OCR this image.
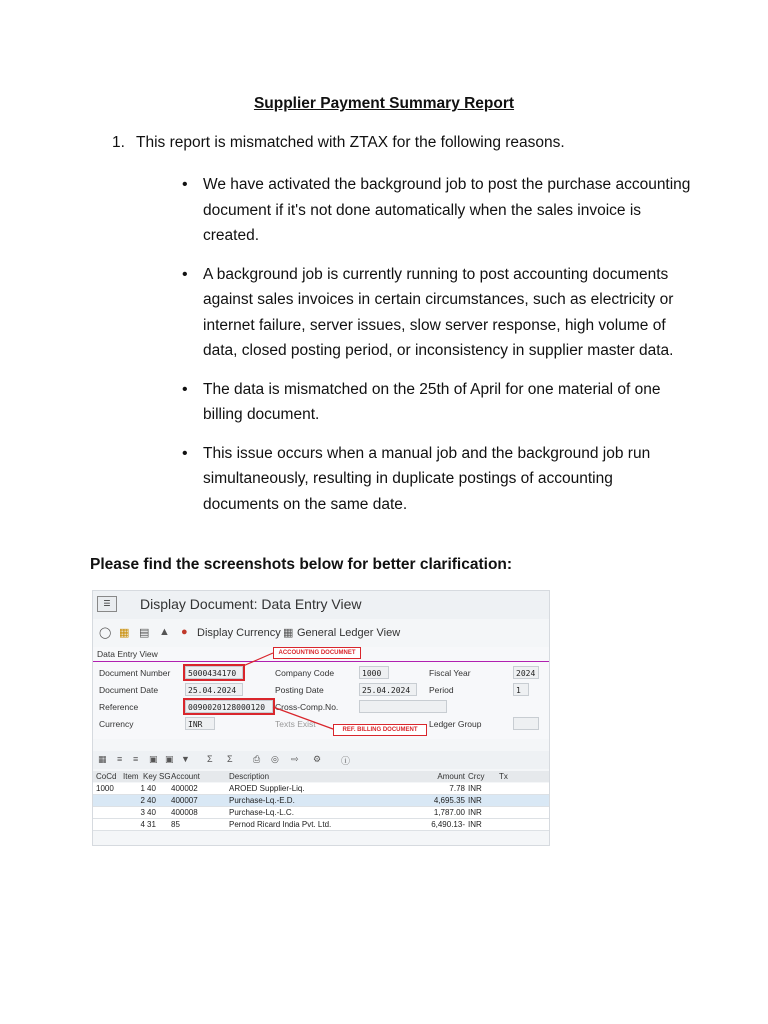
Supplier Payment Summary Report
1. This report is mismatched with ZTAX for the following reasons.
• We have activated the background job to post the purchase accounting document if it's not done automatically when the sales invoice is created.
• A background job is currently running to post accounting documents against sales invoices in certain circumstances, such as electricity or internet failure, server issues, slow server response, high volume of data, closed posting period, or inconsistency in supplier master data.
• The data is mismatched on the 25th of April for one material of one billing document.
• This issue occurs when a manual job and the background job run simultaneously, resulting in duplicate postings of accounting documents on the same date.
Please find the screenshots below for better clarification:
☰	Display Document: Data Entry View
◯ ▦ ▤ ▲ ● Display Currency ▦ General Ledger View
Data Entry View
Document Number	5000434170	Company Code	1000	Fiscal Year	2024
ACCOUNTING DOCUMNET
Document Date	25.04.2024	Posting Date	25.04.2024	Period	1
Reference	0090020128000120	Cross-Comp.No.
Currency	INR	Texts Exist	Ledger Group
REF. BILLING DOCUMENT
▦ ≡ ≡ ▣ ▣ ▼ Σ Σ ⎙ ◎ ⇨ ⚙ ⓘ
CoCd Item Key SG Account	Description	Amount Crcy Tx
1000	1 40 400002	AROED Supplier-Liq.	7.78 INR
2 40 400007	Purchase-Lq.-E.D.	4,695.35 INR
3 40 400008	Purchase-Lq.-L.C.	1,787.00 INR
4 31 85	Pernod Ricard India Pvt. Ltd.	6,490.13- INR
